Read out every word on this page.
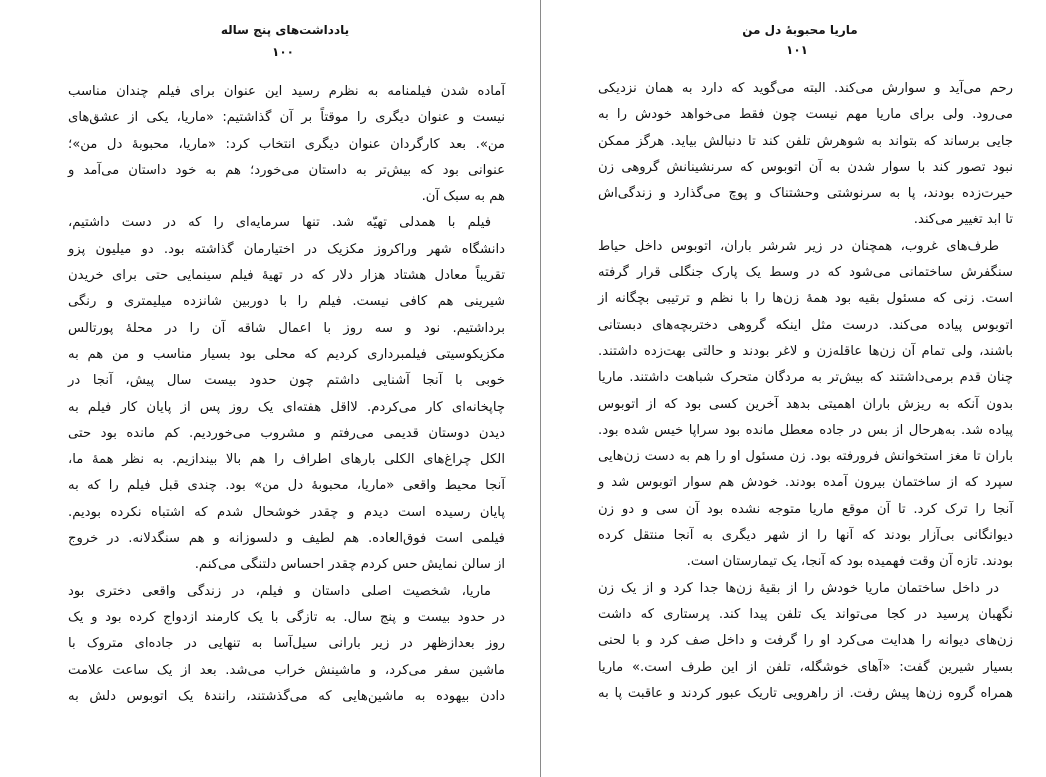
یادداشت‌های پنج ساله
۱۰۰
آماده شدن فیلمنامه به نظرم رسید این عنوان برای فیلم چندان مناسب
نیست و عنوان دیگری را موقتاً بر آن گذاشتیم: «ماریا، یکی از عشق‌های
من». بعد کارگردان عنوان دیگری انتخاب کرد: «ماریا، محبوبهٔ دل من»؛
عنوانی بود که بیش‌تر به داستان می‌خورد؛ هم به خود داستان می‌آمد و
هم به سبک آن.
فیلم با همدلی تهیّه شد. تنها سرمایه‌ای را که در دست داشتیم،
دانشگاه شهر وراکروز مکزیک در اختیارمان گذاشته بود. دو میلیون پزو
تقریباً معادل هشتاد هزار دلار که در تهیهٔ فیلم سینمایی حتی برای خریدن
شیرینی هم کافی نیست. فیلم را با دوربین شانزده میلیمتری و رنگی
برداشتیم. نود و سه روز با اعمال شاقه آن را در محلهٔ پورتالس
مکزیکوسیتی فیلمبرداری کردیم که محلی بود بسیار مناسب و من هم به
خوبی با آنجا آشنایی داشتم چون حدود بیست سال پیش، آنجا در
چاپخانه‌ای کار می‌کردم. لااقل هفته‌ای یک روز پس از پایان کار فیلم به
دیدن دوستان قدیمی می‌رفتم و مشروب می‌خوردیم. کم مانده بود حتی
الکل چراغ‌های الکلی بارهای اطراف را هم بالا بیندازیم. به نظر همهٔ ما،
آنجا محیط واقعی «ماریا، محبوبهٔ دل من» بود. چندی قبل فیلم را که به
پایان رسیده است دیدم و چقدر خوشحال شدم که اشتباه نکرده بودیم.
فیلمی است فوق‌العاده. هم لطیف و دلسوزانه و هم سنگدلانه. در خروج
از سالن نمایش حس کردم چقدر احساس دلتنگی می‌کنم.
ماریا، شخصیت اصلی داستان و فیلم، در زندگی واقعی دختری بود
در حدود بیست و پنج سال. به تازگی با یک کارمند ازدواج کرده بود و یک
روز بعدازظهر در زیر بارانی سیل‌آسا به تنهایی در جاده‌ای متروک با
ماشین سفر می‌کرد، و ماشینش خراب می‌شد. بعد از یک ساعت علامت
دادن بیهوده به ماشین‌هایی که می‌گذشتند، رانندهٔ یک اتوبوس دلش به
ماریا محبوبهٔ دل من
۱۰۱
رحم می‌آید و سوارش می‌کند. البته می‌گوید که دارد به همان نزدیکی
می‌رود. ولی برای ماریا مهم نیست چون فقط می‌خواهد خودش را به
جایی برساند که بتواند به شوهرش تلفن کند تا دنبالش بیاید. هرگز ممکن
نبود تصور کند با سوار شدن به آن اتوبوس که سرنشینانش گروهی زن
حیرت‌زده بودند، پا به سرنوشتی وحشتناک و پوچ می‌گذارد و زندگی‌اش
تا ابد تغییر می‌کند.
طرف‌های غروب، همچنان در زیر شرشر باران، اتوبوس داخل حیاط
سنگفرش ساختمانی می‌شود که در وسط یک پارک جنگلی قرار گرفته
است. زنی که مسئول بقیه بود همهٔ زن‌ها را با نظم و ترتیبی بچگانه از
اتوبوس پیاده می‌کند. درست مثل اینکه گروهی دختربچه‌های دبستانی
باشند، ولی تمام آن زن‌ها عاقله‌زن و لاغر بودند و حالتی بهت‌زده داشتند.
چنان قدم برمی‌داشتند که بیش‌تر به مردگان متحرک شباهت داشتند. ماریا
بدون آنکه به ریزش باران اهمیتی بدهد آخرین کسی بود که از اتوبوس
پیاده شد. به‌هرحال از بس در جاده معطل مانده بود سراپا خیس شده بود.
باران تا مغز استخوانش فرورفته بود. زن مسئول او را هم به دست زن‌هایی
سپرد که از ساختمان بیرون آمده بودند. خودش هم سوار اتوبوس شد و
آنجا را ترک کرد. تا آن موقع ماریا متوجه نشده بود آن سی و دو زن
دیوانگانی بی‌آزار بودند که آنها را از شهر دیگری به آنجا منتقل کرده
بودند. تازه آن وقت فهمیده بود که آنجا، یک تیمارستان است.
در داخل ساختمان ماریا خودش را از بقیهٔ زن‌ها جدا کرد و از یک زن
نگهبان پرسید در کجا می‌تواند یک تلفن پیدا کند. پرستاری که داشت
زن‌های دیوانه را هدایت می‌کرد او را گرفت و داخل صف کرد و با لحنی
بسیار شیرین گفت: «آهای خوشگله، تلفن از این طرف است.» ماریا
همراه گروه زن‌ها پیش رفت. از راهرویی تاریک عبور کردند و عاقبت پا به
